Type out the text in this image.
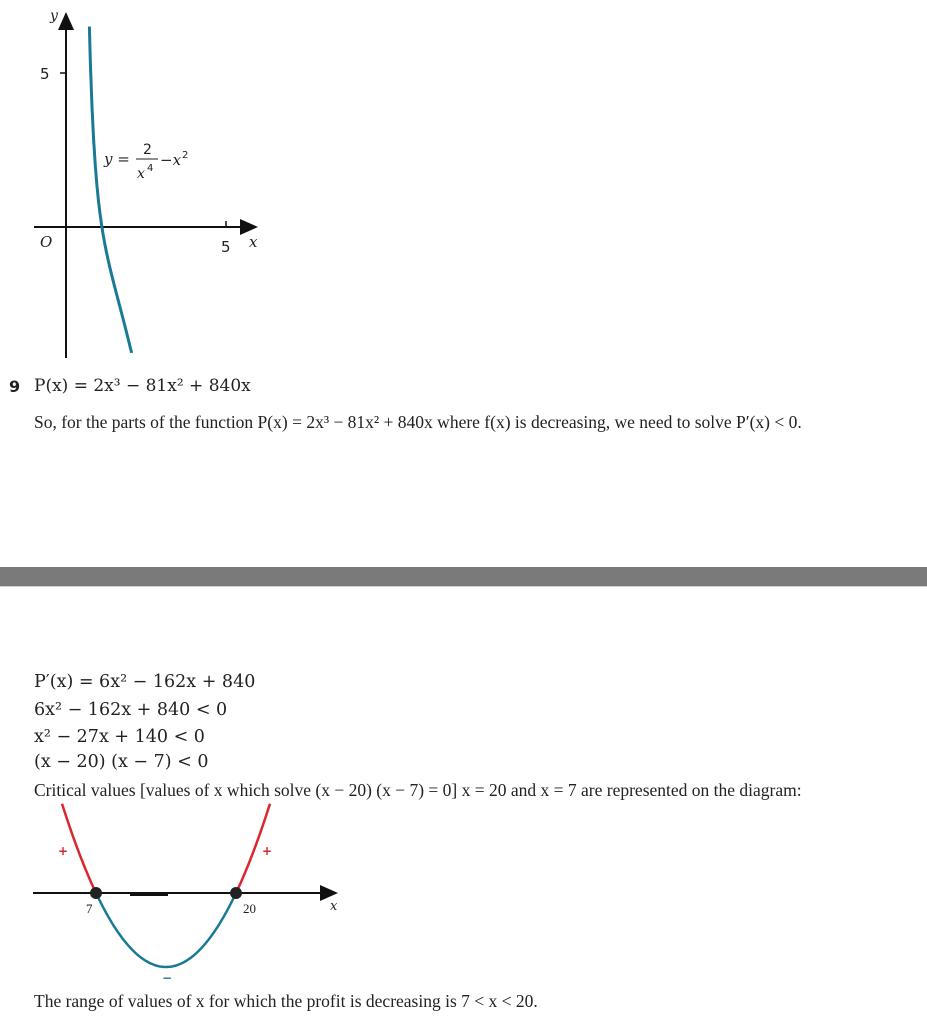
y
x
O
5
5
y = 2
x 4 −x 2
9 P(x) = 2x³ − 81x² + 840x
So, for the parts of the function P(x) = 2x³ − 81x² + 840x where f(x) is decreasing, we need to solve P′(x) < 0.
P′(x) = 6x² − 162x + 840
6x² − 162x + 840 < 0
x² − 27x + 140 < 0
(x − 20) (x − 7) < 0
Critical values [values of x which solve (x − 20) (x − 7) = 0] x = 20 and x = 7 are represented on the diagram:
7	20	x
+	+
−
The range of values of x for which the profit is decreasing is 7 < x < 20.
